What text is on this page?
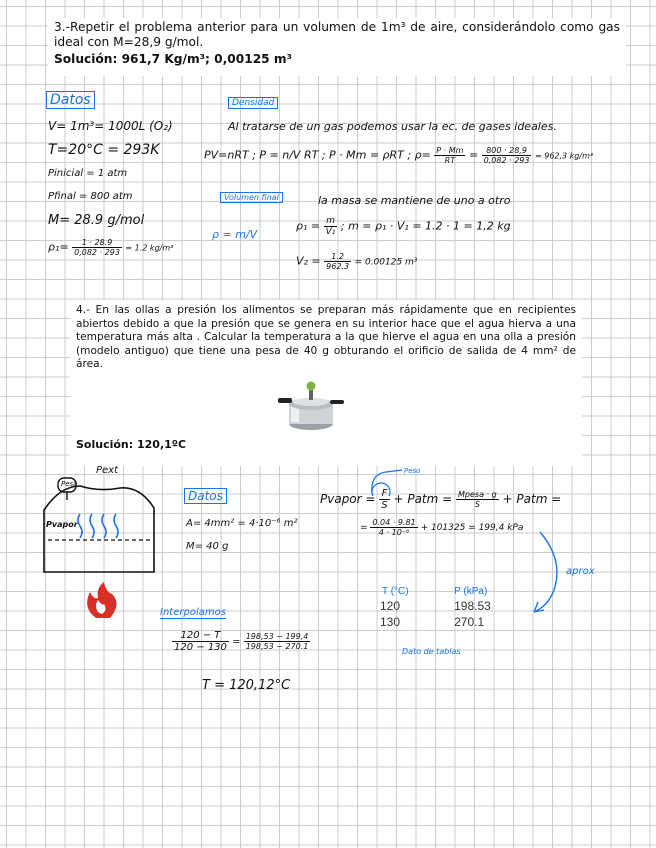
3.-Repetir el problema anterior para un volumen de 1m³ de aire, considerándolo como gas ideal con M=28,9 g/mol.
Solución: 961,7 Kg/m³; 0,00125 m³
Datos
V= 1m³= 1000L (O₂)
T=20°C = 293K
Pinicial = 1 atm
Pfinal = 800 atm
M= 28.9 g/mol
$\rho_1= \frac{1 \cdot 28.9}{0,082 \cdot 293} = 1.2$ kg/m³
Densidad
Al tratarse de un gas podemos usar la ec. de gases ideales.
PV=nRT ; P = n/V RT ; P · Mm = ρRT ; $\rho= \frac{P \cdot Mm}{RT} = \frac{800 \cdot 28,9}{0,082 \cdot 293} = 962,3$ kg/m³
Volumen final	la masa se mantiene de uno a otro
ρ = m/V
$\rho_1 = \frac{m}{\text{V₁}}$ ; m = ρ₁ · V₁ = 1.2 · 1 = 1,2 kg
$V_2 = \frac{1.2}{962.3} = 0.00125$ m³
4.- En las ollas a presión los alimentos se preparan más rápidamente que en recipientes abiertos debido a que la presión que se genera en su interior hace que el agua hierva a una temperatura más alta . Calcular la temperatura a la que hierve el agua en una olla a presión (modelo antiguo) que tiene una pesa de 40 g obturando el orificio de salida de 4 mm² de área.
Solución: 120,1ºC
Pesa
Pext
Pvapor
Datos
A= 4mm² = 4·10⁻⁶ m²
M= 40 g
Peso
Pvapor = $\frac{F}{S}$ + Patm = $\frac{\text{Mpesa · g}}{S}$ + Patm =
= $\frac{0.04 \cdot 9.81}{\text{4 · 10⁻⁶}} + 101325 = 199,4$ kPa
aprox
T (°C)	P (kPa)
120	198.53
130	270.1
Dato de tablas
Interpolamos
$\frac{120 - T}{120 - 130} = \frac{198,53 - 199,4}{198,53 - 270.1}$
T = 120,12°C
